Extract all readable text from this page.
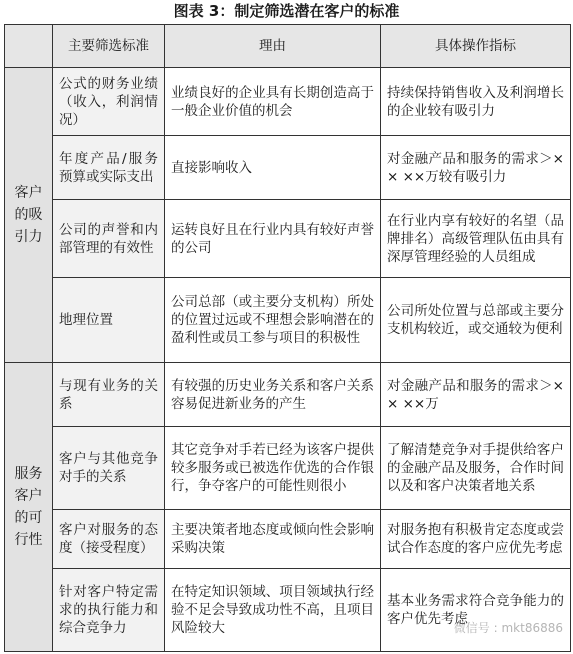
图表 3：制定筛选潜在客户的标准
	主要筛选标准	理由	具体操作指标
客户的吸引力	公式的财务业绩（收入，利润情况）	业绩良好的企业具有长期创造高于一般企业价值的机会	持续保持销售收入及利润增长的企业较有吸引力
	年度产品/服务预算或实际支出	直接影响收入	对金融产品和服务的需求＞×× ××万较有吸引力
	公司的声誉和内部管理的有效性	运转良好且在行业内具有较好声誉的公司	在行业内享有较好的名望（品牌排名）高级管理队伍由具有深厚管理经验的人员组成
	地理位置	公司总部（或主要分支机构）所处的位置过远或不理想会影响潜在的盈利性或员工参与项目的积极性	公司所处位置与总部或主要分支机构较近，或交通较为便利
服务客户的可行性	与现有业务的关系	有较强的历史业务关系和客户关系容易促进新业务的产生	对金融产品和服务的需求＞×× ××万
	客户与其他竞争对手的关系	其它竞争对手若已经为该客户提供较多服务或已被选作优选的合作银行，争夺客户的可能性则很小	了解清楚竞争对手提供给客户的金融产品及服务，合作时间以及和客户决策者地关系
	客户对服务的态度（接受程度）	主要决策者地态度或倾向性会影响采购决策	对服务抱有积极肯定态度或尝试合作态度的客户应优先考虑
	针对客户特定需求的执行能力和综合竞争力	在特定知识领域、项目领域执行经验不足会导致成功性不高，且项目风险较大	基本业务需求符合竞争能力的客户优先考虑
微信号 : mkt86886
